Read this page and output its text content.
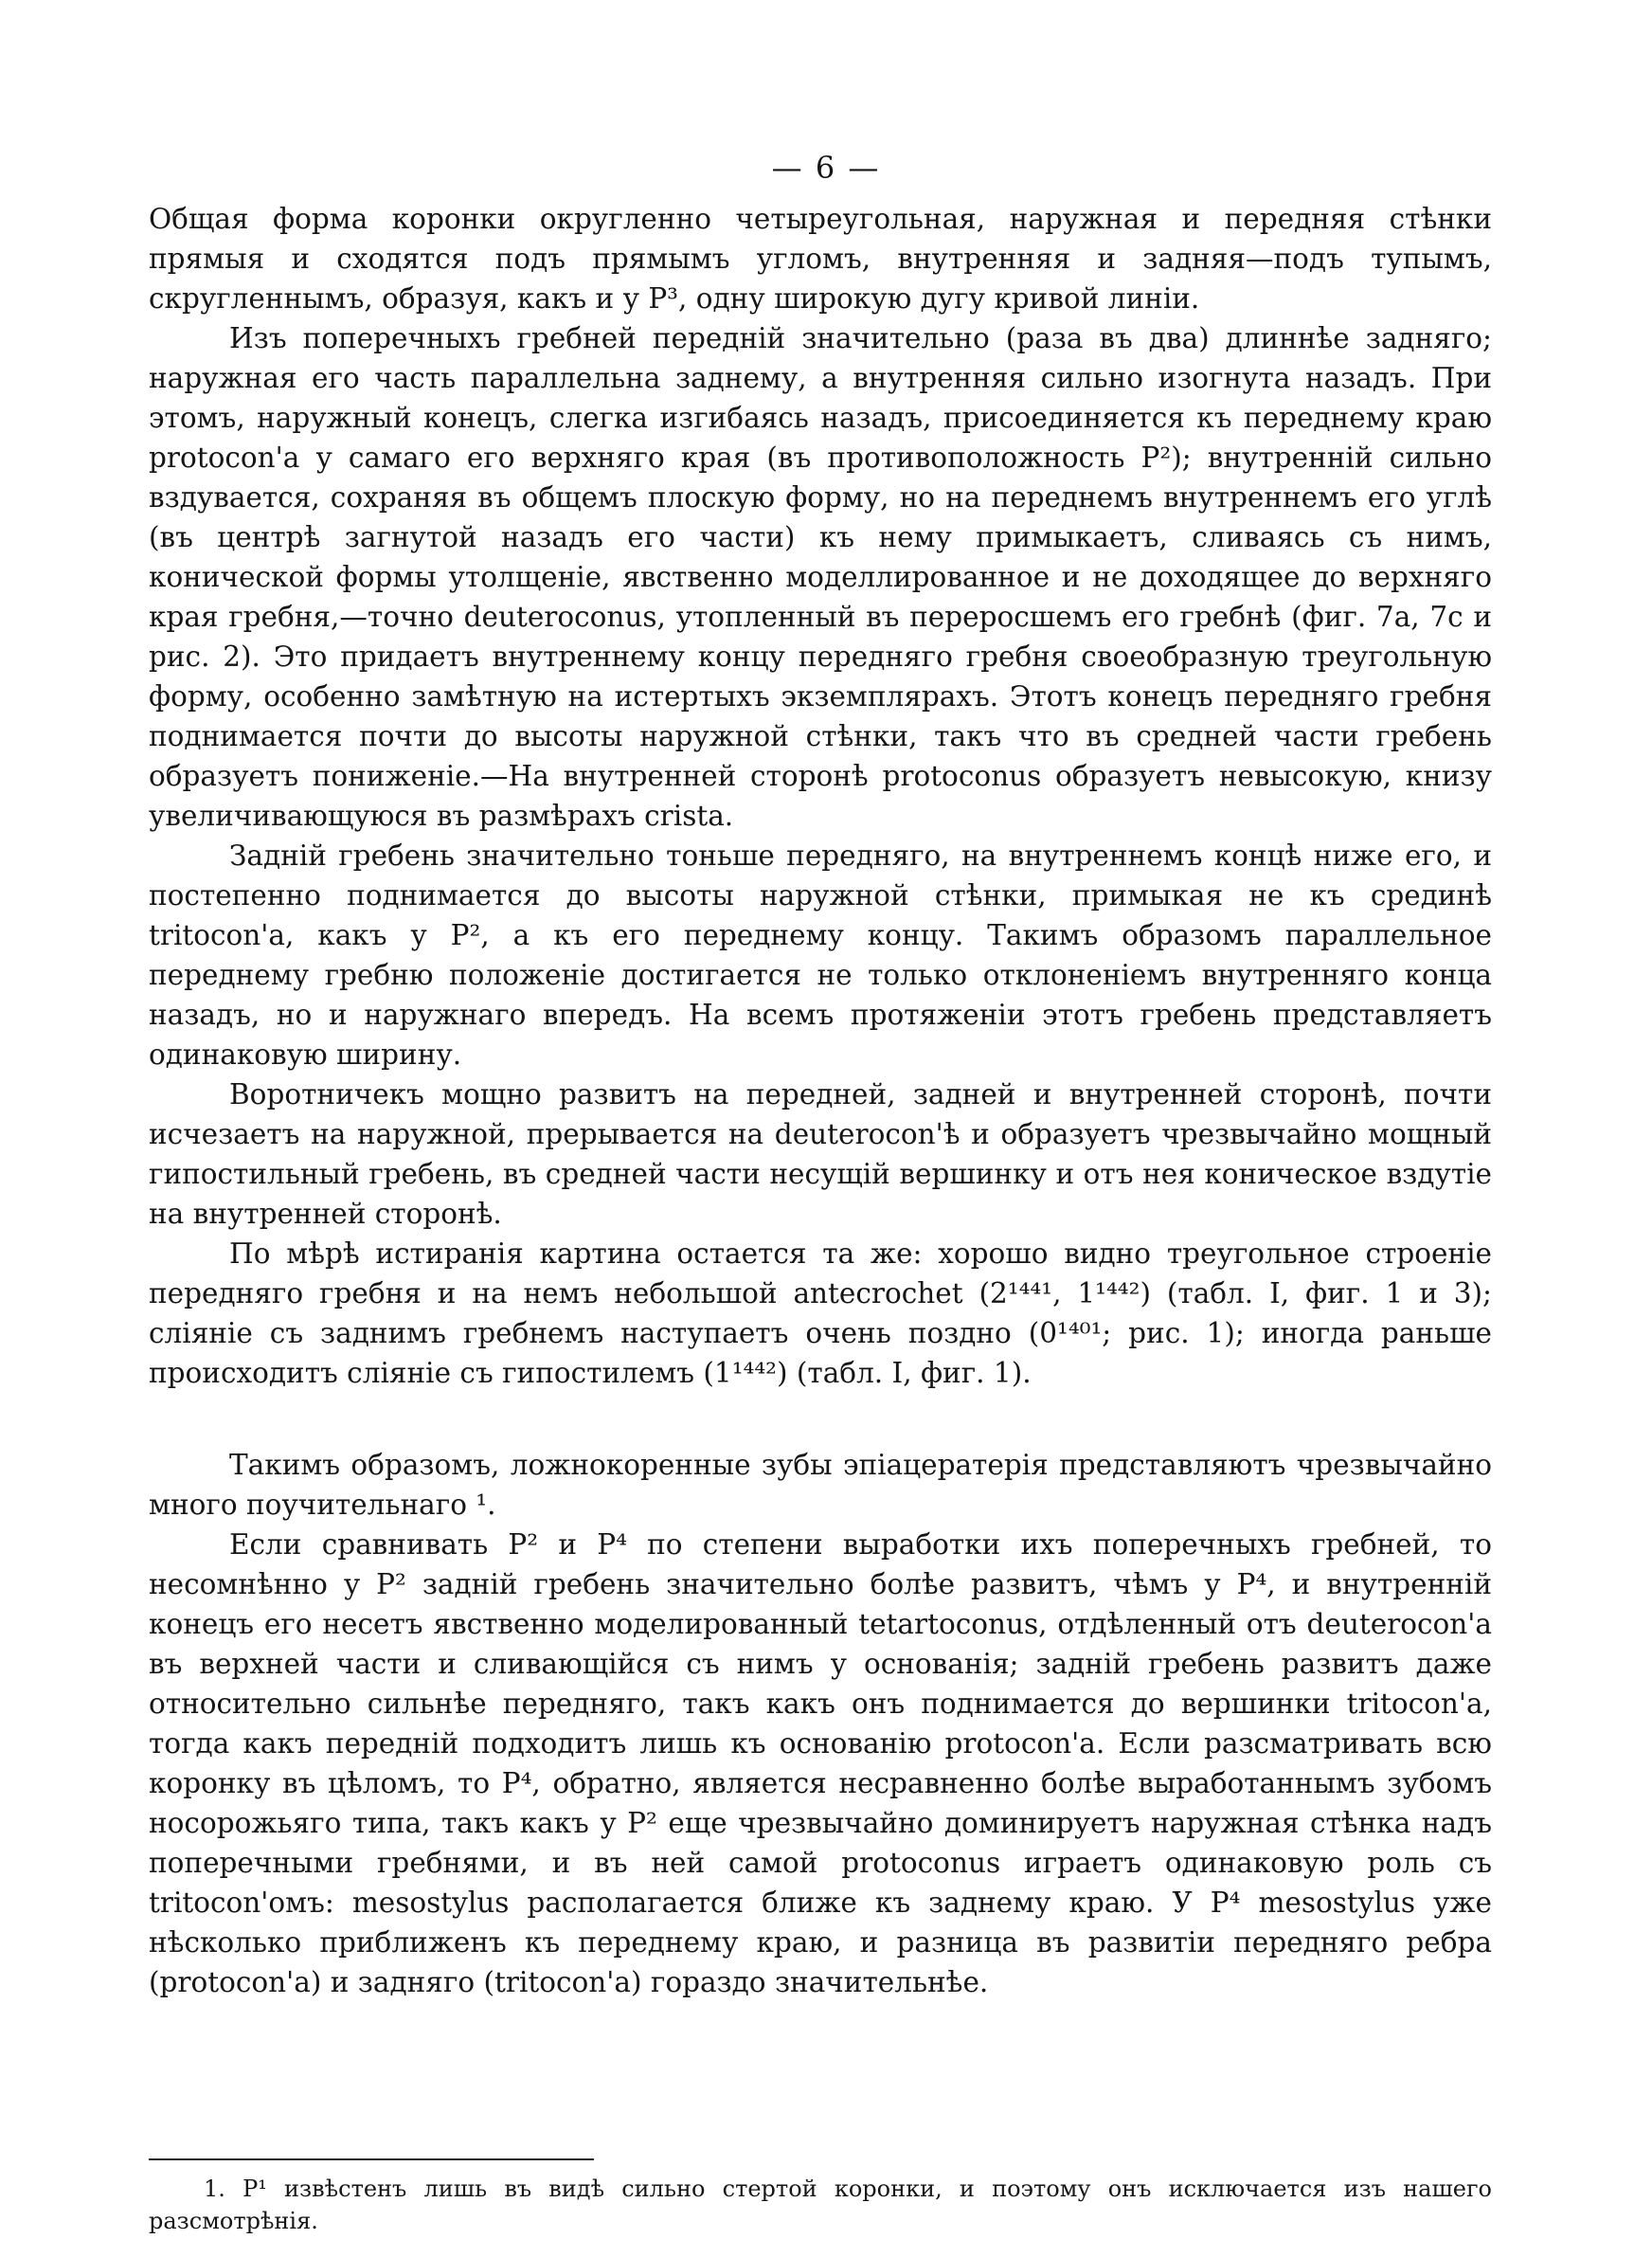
— 6 —

Общая форма коронки округленно четыреугольная, наружная и передняя стѣнки прямыя и сходятся подъ прямымъ угломъ, внутренняя и задняя—подъ тупымъ, скругленнымъ, образуя, какъ и у P³, одну широкую дугу кривой линіи.

Изъ поперечныхъ гребней передній значительно (раза въ два) длиннѣе задняго; наружная его часть параллельна заднему, а внутренняя сильно изогнута назадъ. При этомъ, наружный конецъ, слегка изгибаясь назадъ, присоединяется къ переднему краю protocon'а у самаго его верхняго края (въ противоположность P²); внутренній сильно вздувается, сохраняя въ общемъ плоскую форму, но на переднемъ внутреннемъ его углѣ (въ центрѣ загнутой назадъ его части) къ нему примыкаетъ, сливаясь съ нимъ, конической формы утолщеніе, явственно моделлированное и не доходящее до верхняго края гребня,—точно deuteroconus, утопленный въ переросшемъ его гребнѣ (фиг. 7а, 7с и рис. 2). Это придаетъ внутреннему концу передняго гребня своеобразную треугольную форму, особенно замѣтную на истертыхъ экземплярахъ. Этотъ конецъ передняго гребня поднимается почти до высоты наружной стѣнки, такъ что въ средней части гребень образуетъ пониженіе.—На внутренней сторонѣ protoconus образуетъ невысокую, книзу увеличивающуюся въ размѣрахъ crista.

Задній гребень значительно тоньше передняго, на внутреннемъ концѣ ниже его, и постепенно поднимается до высоты наружной стѣнки, примыкая не къ срединѣ tritocon'а, какъ у P², а къ его переднему концу. Такимъ образомъ параллельное переднему гребню положеніе достигается не только отклоненіемъ внутренняго конца назадъ, но и наружнаго впередъ. На всемъ протяженіи этотъ гребень представляетъ одинаковую ширину.

Воротничекъ мощно развитъ на передней, задней и внутренней сторонѣ, почти исчезаетъ на наружной, прерывается на deuterocon'ѣ и образуетъ чрезвычайно мощный гипостильный гребень, въ средней части несущій вершинку и отъ нея коническое вздутіе на внутренней сторонѣ.

По мѣрѣ истиранія картина остается та же: хорошо видно треугольное строеніе передняго гребня и на немъ небольшой antecrochet (2¹⁴⁴¹, 1¹⁴⁴²) (табл. I, фиг. 1 и 3); сліяніе съ заднимъ гребнемъ наступаетъ очень поздно (0¹⁴⁰¹; рис. 1); иногда раньше происходитъ сліяніе съ гипостилемъ (1¹⁴⁴²) (табл. I, фиг. 1).

Такимъ образомъ, ложнокоренные зубы эпіацератерія представляютъ чрезвычайно много поучительнаго ¹.

Если сравнивать P² и P⁴ по степени выработки ихъ поперечныхъ гребней, то несомнѣнно у P² задній гребень значительно болѣе развитъ, чѣмъ у P⁴, и внутренній конецъ его несетъ явственно моделированный tetartoconus, отдѣленный отъ deuterocon'а въ верхней части и сливающійся съ нимъ у основанія; задній гребень развитъ даже относительно сильнѣе передняго, такъ какъ онъ поднимается до вершинки tritocon'а, тогда какъ передній подходитъ лишь къ основанію protocon'а. Если разсматривать всю коронку въ цѣломъ, то P⁴, обратно, является несравненно болѣе выработаннымъ зубомъ носорожьяго типа, такъ какъ у P² еще чрезвычайно доминируетъ наружная стѣнка надъ поперечными гребнями, и въ ней самой protoconus играетъ одинаковую роль съ tritocon'омъ: mesostylus располагается ближе къ заднему краю. У P⁴ mesostylus уже нѣсколько приближенъ къ переднему краю, и разница въ развитіи передняго ребра (protocon'а) и задняго (tritocon'а) гораздо значительнѣе.

1. P¹ извѣстенъ лишь въ видѣ сильно стертой коронки, и поэтому онъ исключается изъ нашего разсмотрѣнія.
